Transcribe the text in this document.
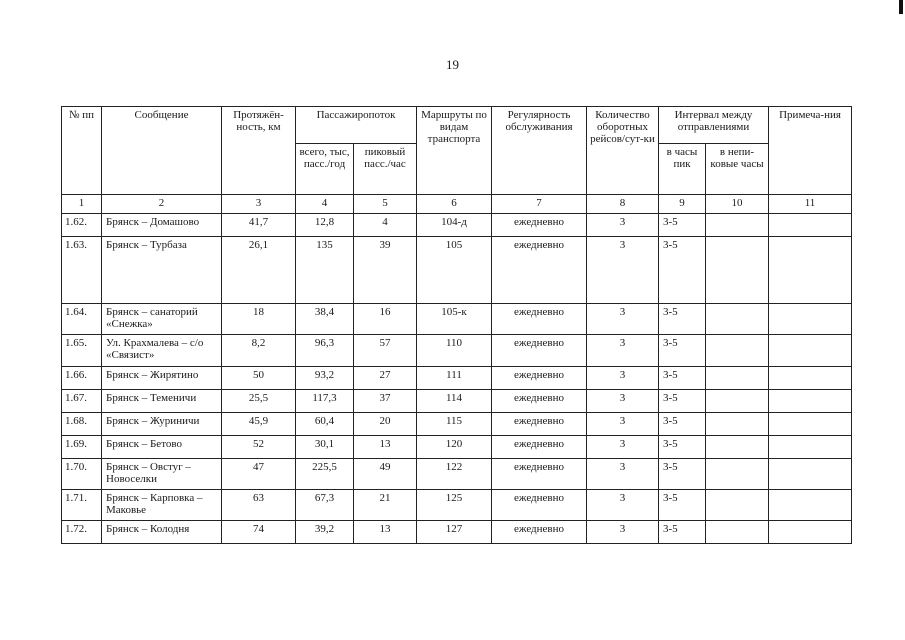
19
№ пп	Сообщение	Протяжён-ность, км	Пассажиропоток		Маршруты по видам транспорта	Регулярность обслуживания	Количество оборотных рейсов/сут-ки	Интервал между отправлениями		Примеча-ния
			всего, тыс, пасс./год	пиковый пасс./час				в часы пик	в непи-ковые часы	
1	2	3	4	5	6	7	8	9	10	11
1.62.	Брянск – Домашово	41,7	12,8	4	104-д	ежедневно	3	3-5		
1.63.	Брянск – Турбаза	26,1	135	39	105	ежедневно	3	3-5		
1.64.	Брянск – санаторий «Снежка»	18	38,4	16	105-к	ежедневно	3	3-5		
1.65.	Ул. Крахмалева – с/о «Связист»	8,2	96,3	57	110	ежедневно	3	3-5		
1.66.	Брянск – Жирятино	50	93,2	27	111	ежедневно	3	3-5		
1.67.	Брянск – Теменичи	25,5	117,3	37	114	ежедневно	3	3-5		
1.68.	Брянск – Журиничи	45,9	60,4	20	115	ежедневно	3	3-5		
1.69.	Брянск – Бетово	52	30,1	13	120	ежедневно	3	3-5		
1.70.	Брянск – Овстуг – Новоселки	47	225,5	49	122	ежедневно	3	3-5		
1.71.	Брянск – Карповка – Маковье	63	67,3	21	125	ежедневно	3	3-5		
1.72.	Брянск – Колодня	74	39,2	13	127	ежедневно	3	3-5		
